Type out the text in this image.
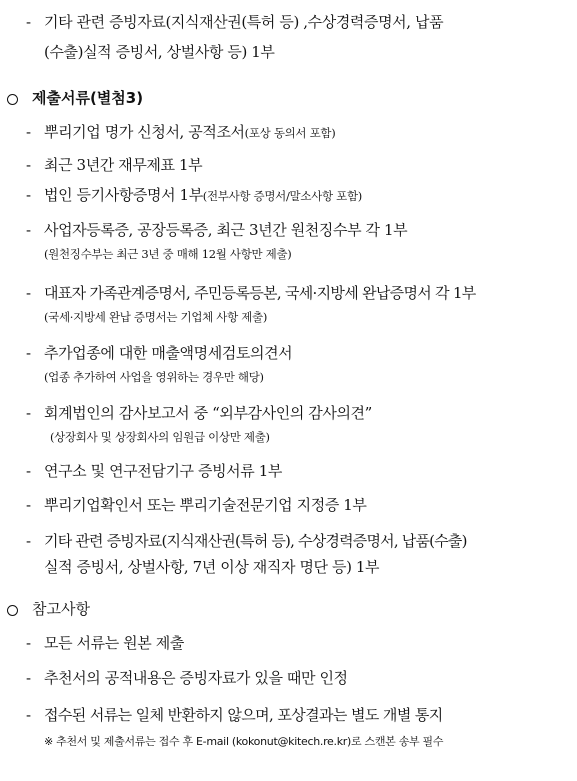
- 기타 관련 증빙자료(지식재산권(특허 등) ,수상경력증명서, 납품
(수출)실적 증빙서, 상벌사항 등) 1부
제출서류(별첨3)
- 뿌리기업 명가 신청서, 공적조서(포상 동의서 포함)
- 최근 3년간 재무제표 1부
- 법인 등기사항증명서 1부(전부사항 증명서/말소사항 포함)
- 사업자등록증, 공장등록증, 최근 3년간 원천징수부 각 1부
(원천징수부는 최근 3년 중 매해 12월 사항만 제출)
- 대표자 가족관계증명서, 주민등록등본, 국세·지방세 완납증명서 각 1부
(국세·지방세 완납 증명서는 기업체 사항 제출)
- 추가업종에 대한 매출액명세검토의견서
(업종 추가하여 사업을 영위하는 경우만 해당)
- 회계법인의 감사보고서 중 “외부감사인의 감사의견”
(상장회사 및 상장회사의 임원급 이상만 제출)
- 연구소 및 연구전담기구 증빙서류 1부
- 뿌리기업확인서 또는 뿌리기술전문기업 지정증 1부
- 기타 관련 증빙자료(지식재산권(특허 등), 수상경력증명서, 납품(수출)
실적 증빙서, 상벌사항, 7년 이상 재직자 명단 등) 1부
참고사항
- 모든 서류는 원본 제출
- 추천서의 공적내용은 증빙자료가 있을 때만 인정
- 접수된 서류는 일체 반환하지 않으며, 포상결과는 별도 개별 통지
※ 추천서 및 제출서류는 접수 후 E-mail (kokonut@kitech.re.kr)로 스캔본 송부 필수
